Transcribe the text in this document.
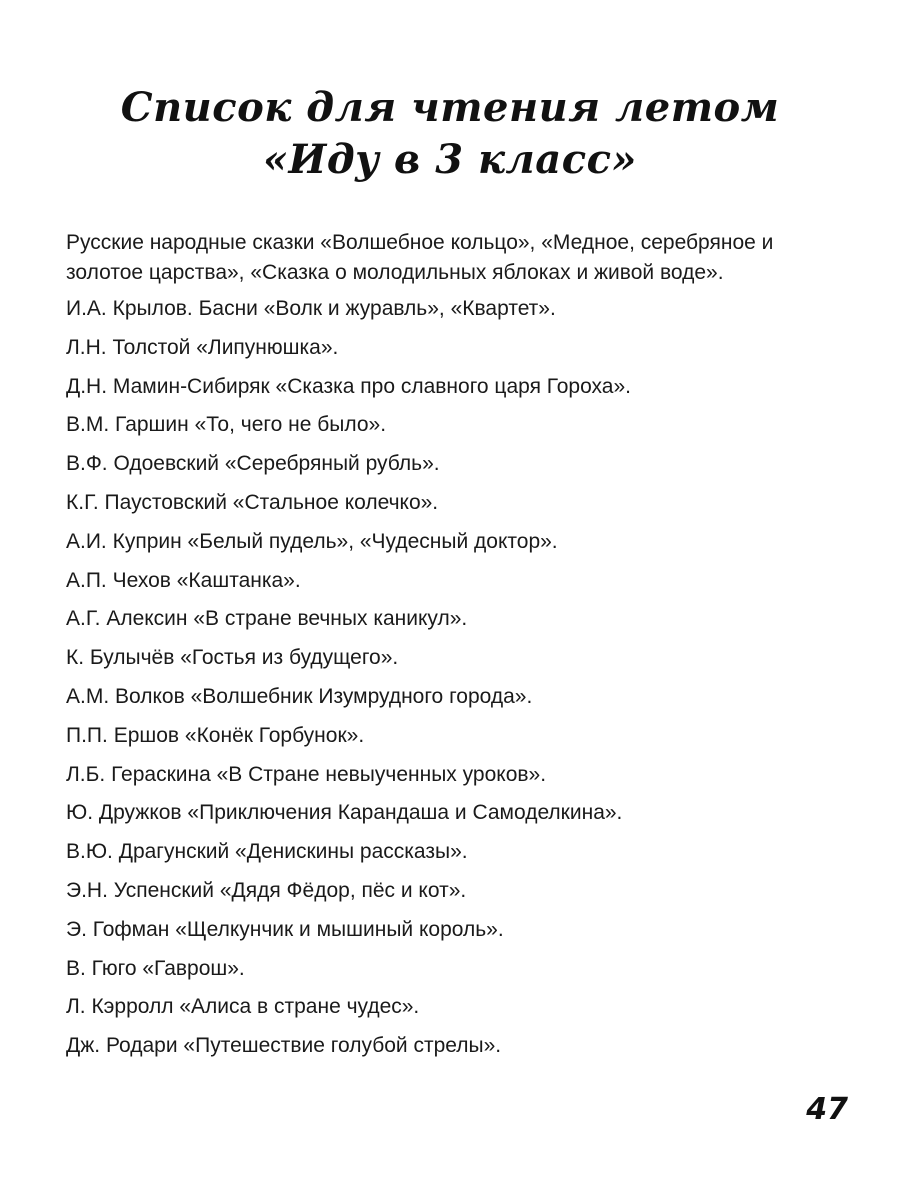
Список для чтения летом
«Иду в 3 класс»
Русские народные сказки «Волшебное кольцо», «Медное, серебряное и золотое царства», «Сказка о молодильных яблоках и живой воде».
И.А. Крылов. Басни «Волк и журавль», «Квартет».
Л.Н. Толстой «Липунюшка».
Д.Н. Мамин-Сибиряк «Сказка про славного царя Гороха».
В.М. Гаршин «То, чего не было».
В.Ф. Одоевский «Серебряный рубль».
К.Г. Паустовский «Стальное колечко».
А.И. Куприн «Белый пудель», «Чудесный доктор».
А.П. Чехов «Каштанка».
А.Г. Алексин «В стране вечных каникул».
К. Булычёв «Гостья из будущего».
А.М. Волков «Волшебник Изумрудного города».
П.П. Ершов «Конёк Горбунок».
Л.Б. Гераскина «В Стране невыученных уроков».
Ю. Дружков «Приключения Карандаша и Самоделкина».
В.Ю. Драгунский «Денискины рассказы».
Э.Н. Успенский «Дядя Фёдор, пёс и кот».
Э. Гофман «Щелкунчик и мышиный король».
В. Гюго «Гаврош».
Л. Кэрролл «Алиса в стране чудес».
Дж. Родари «Путешествие голубой стрелы».
47
